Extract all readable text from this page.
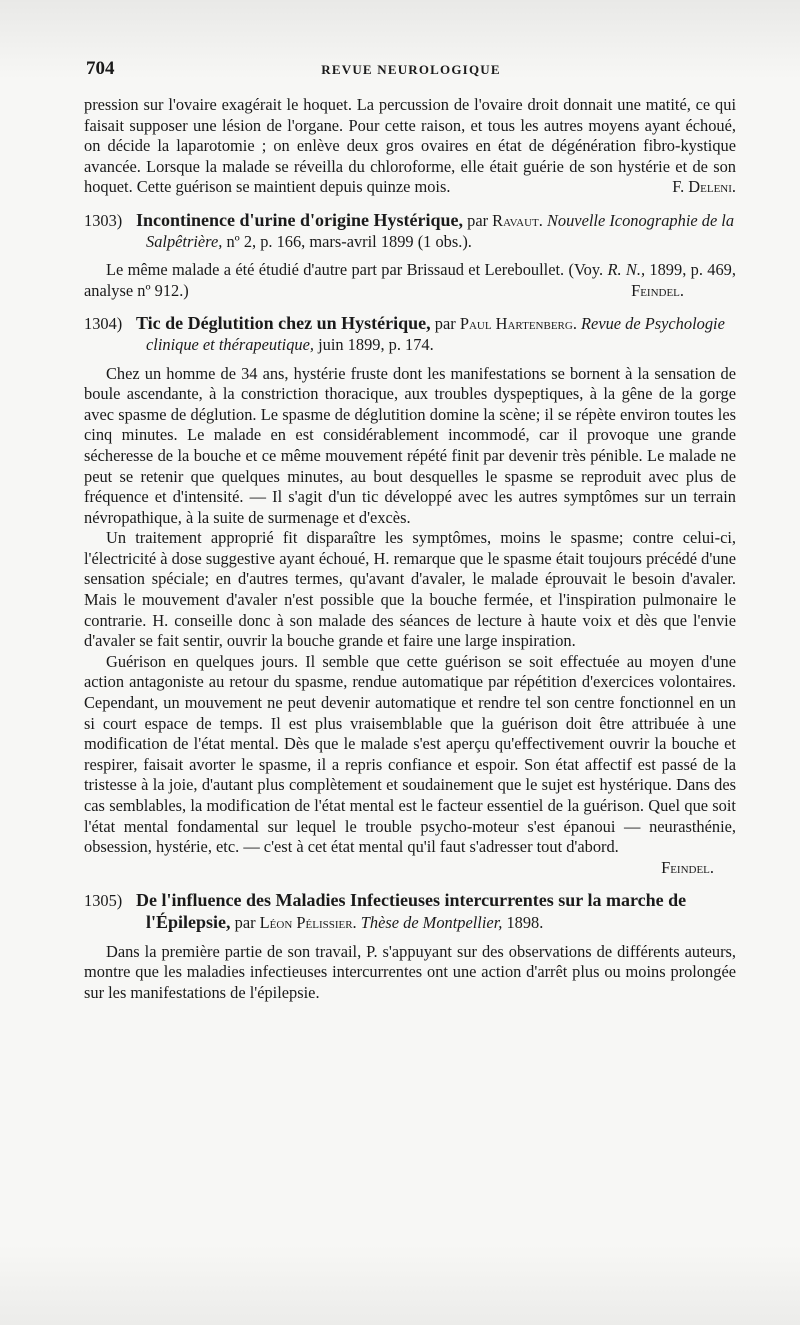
704	REVUE NEUROLOGIQUE

pression sur l'ovaire exagérait le hoquet. La percussion de l'ovaire droit donnait une matité, ce qui faisait supposer une lésion de l'organe. Pour cette raison, et tous les autres moyens ayant échoué, on décide la laparotomie ; on enlève deux gros ovaires en état de dégénération fibro-kystique avancée. Lorsque la malade se réveilla du chloroforme, elle était guérie de son hystérie et de son hoquet. Cette guérison se maintient depuis quinze mois.	F. Deleni.

1303) Incontinence d'urine d'origine Hystérique, par Ravaut. Nouvelle Iconographie de la Salpêtrière, nº 2, p. 166, mars-avril 1899 (1 obs.).

Le même malade a été étudié d'autre part par Brissaud et Lereboullet. (Voy. R. N., 1899, p. 469, analyse nº 912.)	Feindel.

1304) Tic de Déglutition chez un Hystérique, par Paul Hartenberg. Revue de Psychologie clinique et thérapeutique, juin 1899, p. 174.

Chez un homme de 34 ans, hystérie fruste dont les manifestations se bornent à la sensation de boule ascendante, à la constriction thoracique, aux troubles dyspeptiques, à la gêne de la gorge avec spasme de déglution. Le spasme de déglutition domine la scène; il se répète environ toutes les cinq minutes. Le malade en est considérablement incommodé, car il provoque une grande sécheresse de la bouche et ce même mouvement répété finit par devenir très pénible. Le malade ne peut se retenir que quelques minutes, au bout desquelles le spasme se reproduit avec plus de fréquence et d'intensité. — Il s'agit d'un tic développé avec les autres symptômes sur un terrain névropathique, à la suite de surmenage et d'excès.

Un traitement approprié fit disparaître les symptômes, moins le spasme; contre celui-ci, l'électricité à dose suggestive ayant échoué, H. remarque que le spasme était toujours précédé d'une sensation spéciale; en d'autres termes, qu'avant d'avaler, le malade éprouvait le besoin d'avaler. Mais le mouvement d'avaler n'est possible que la bouche fermée, et l'inspiration pulmonaire le contrarie. H. conseille donc à son malade des séances de lecture à haute voix et dès que l'envie d'avaler se fait sentir, ouvrir la bouche grande et faire une large inspiration.

Guérison en quelques jours. Il semble que cette guérison se soit effectuée au moyen d'une action antagoniste au retour du spasme, rendue automatique par répétition d'exercices volontaires. Cependant, un mouvement ne peut devenir automatique et rendre tel son centre fonctionnel en un si court espace de temps. Il est plus vraisemblable que la guérison doit être attribuée à une modification de l'état mental. Dès que le malade s'est aperçu qu'effectivement ouvrir la bouche et respirer, faisait avorter le spasme, il a repris confiance et espoir. Son état affectif est passé de la tristesse à la joie, d'autant plus complètement et soudainement que le sujet est hystérique. Dans des cas semblables, la modification de l'état mental est le facteur essentiel de la guérison. Quel que soit l'état mental fondamental sur lequel le trouble psycho-moteur s'est épanoui — neurasthénie, obsession, hystérie, etc. — c'est à cet état mental qu'il faut s'adresser tout d'abord.

Feindel.

1305) De l'influence des Maladies Infectieuses intercurrentes sur la marche de l'Épilepsie, par Léon Pélissier. Thèse de Montpellier, 1898.

Dans la première partie de son travail, P. s'appuyant sur des observations de différents auteurs, montre que les maladies infectieuses intercurrentes ont une action d'arrêt plus ou moins prolongée sur les manifestations de l'épilepsie.
